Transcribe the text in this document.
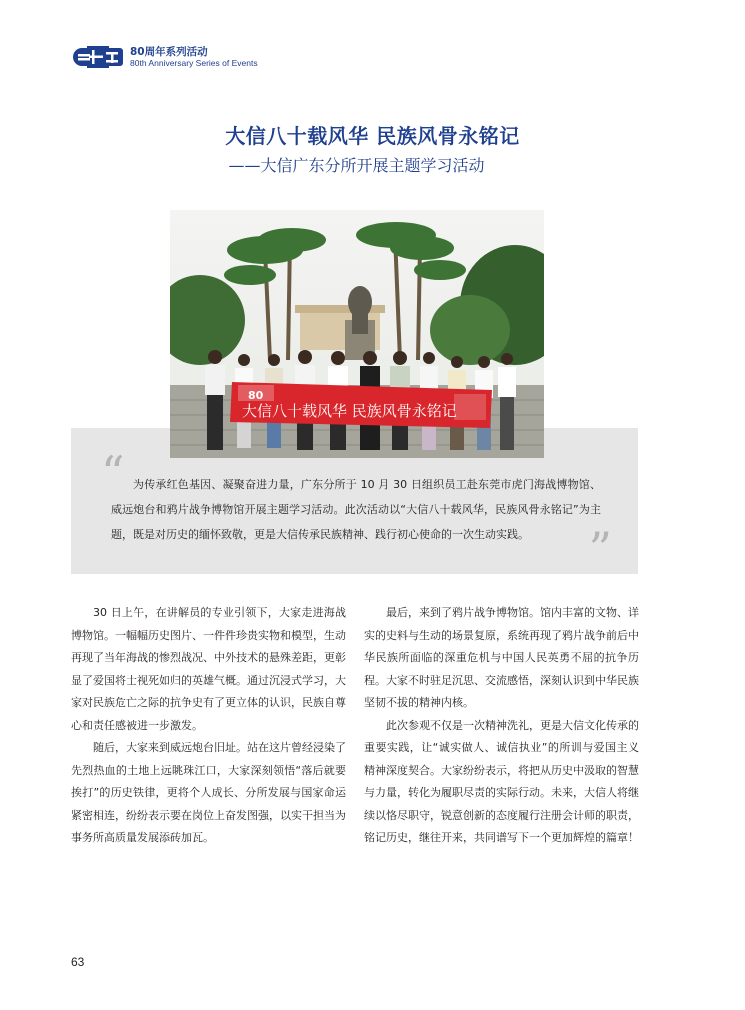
80周年系列活动
80th Anniversary Series of Events
大信八十载风华 民族风骨永铭记
——大信广东分所开展主题学习活动
“ 为传承红色基因、凝聚奋进力量，广东分所于 10 月 30 日组织员工赴东莞市虎门海战博物馆、威远炮台和鸦片战争博物馆开展主题学习活动。此次活动以“大信八十载风华，民族风骨永铭记”为主题，既是对历史的缅怀致敬，更是大信传承民族精神、践行初心使命的一次生动实践。	”
80
大信八十载风华 民族风骨永铭记

30 日上午，在讲解员的专业引领下，大家走进海战博物馆。一幅幅历史图片、一件件珍贵实物和模型，生动再现了当年海战的惨烈战况、中外技术的悬殊差距，更彰显了爱国将士视死如归的英雄气概。通过沉浸式学习，大家对民族危亡之际的抗争史有了更立体的认识，民族自尊心和责任感被进一步激发。

随后，大家来到威远炮台旧址。站在这片曾经浸染了先烈热血的土地上远眺珠江口，大家深刻领悟“落后就要挨打”的历史铁律，更将个人成长、分所发展与国家命运紧密相连，纷纷表示要在岗位上奋发图强，以实干担当为事务所高质量发展添砖加瓦。

最后，来到了鸦片战争博物馆。馆内丰富的文物、详实的史料与生动的场景复原，系统再现了鸦片战争前后中华民族所面临的深重危机与中国人民英勇不屈的抗争历程。大家不时驻足沉思、交流感悟，深刻认识到中华民族坚韧不拔的精神内核。

此次参观不仅是一次精神洗礼，更是大信文化传承的重要实践，让“诚实做人、诚信执业”的所训与爱国主义精神深度契合。大家纷纷表示，将把从历史中汲取的智慧与力量，转化为履职尽责的实际行动。未来，大信人将继续以恪尽职守，锐意创新的态度履行注册会计师的职责，铭记历史，继往开来，共同谱写下一个更加辉煌的篇章！

63
